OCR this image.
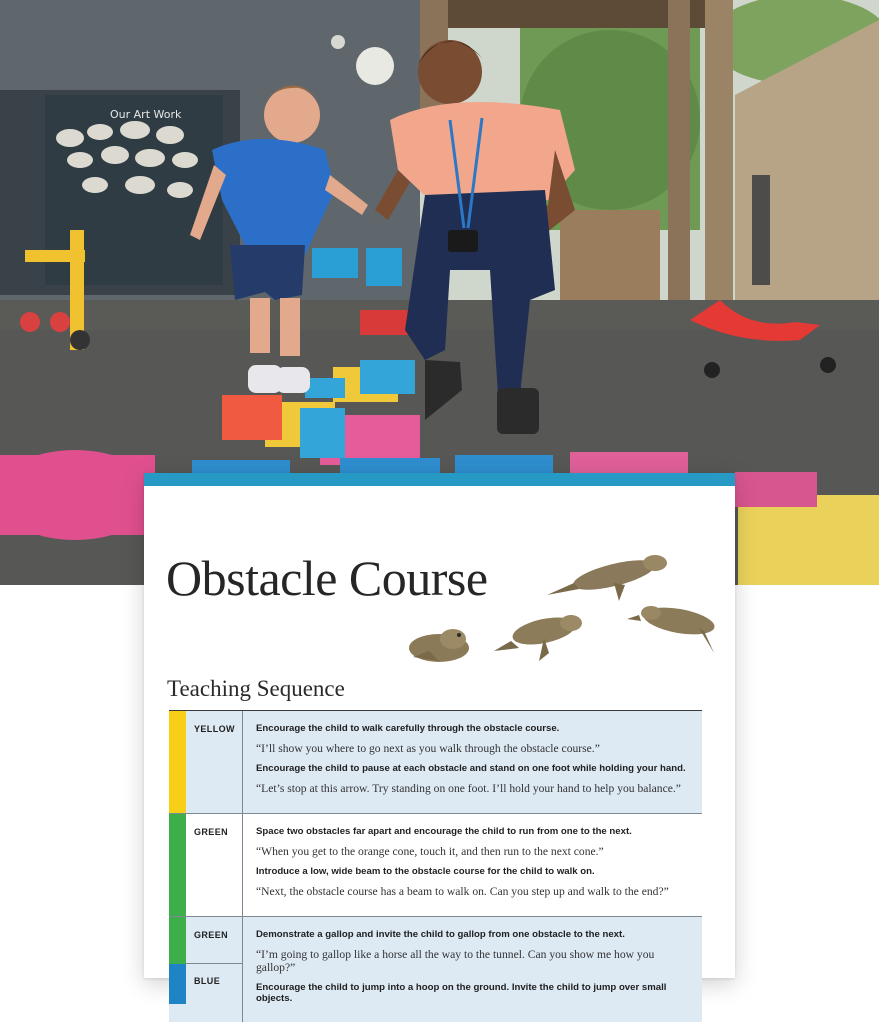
Our Art Work
Obstacle Course
Teaching Sequence
YELLOW	Encourage the child to walk carefully through the obstacle course.

“I’ll show you where to go next as you walk through the obstacle course.”

Encourage the child to pause at each obstacle and stand on one foot while holding your hand.

“Let’s stop at this arrow. Try standing on one foot. I’ll hold your hand to help you balance.”

GREEN	Space two obstacles far apart and encourage the child to run from one to the next.

“When you get to the orange cone, touch it, and then run to the next cone.”

Introduce a low, wide beam to the obstacle course for the child to walk on.

“Next, the obstacle course has a beam to walk on. Can you step up and walk to the end?”

GREEN
BLUE

Demonstrate a gallop and invite the child to gallop from one obstacle to the next.

“I’m going to gallop like a horse all the way to the tunnel. Can you show me how you gallop?”

Encourage the child to jump into a hoop on the ground. Invite the child to jump over small objects.
